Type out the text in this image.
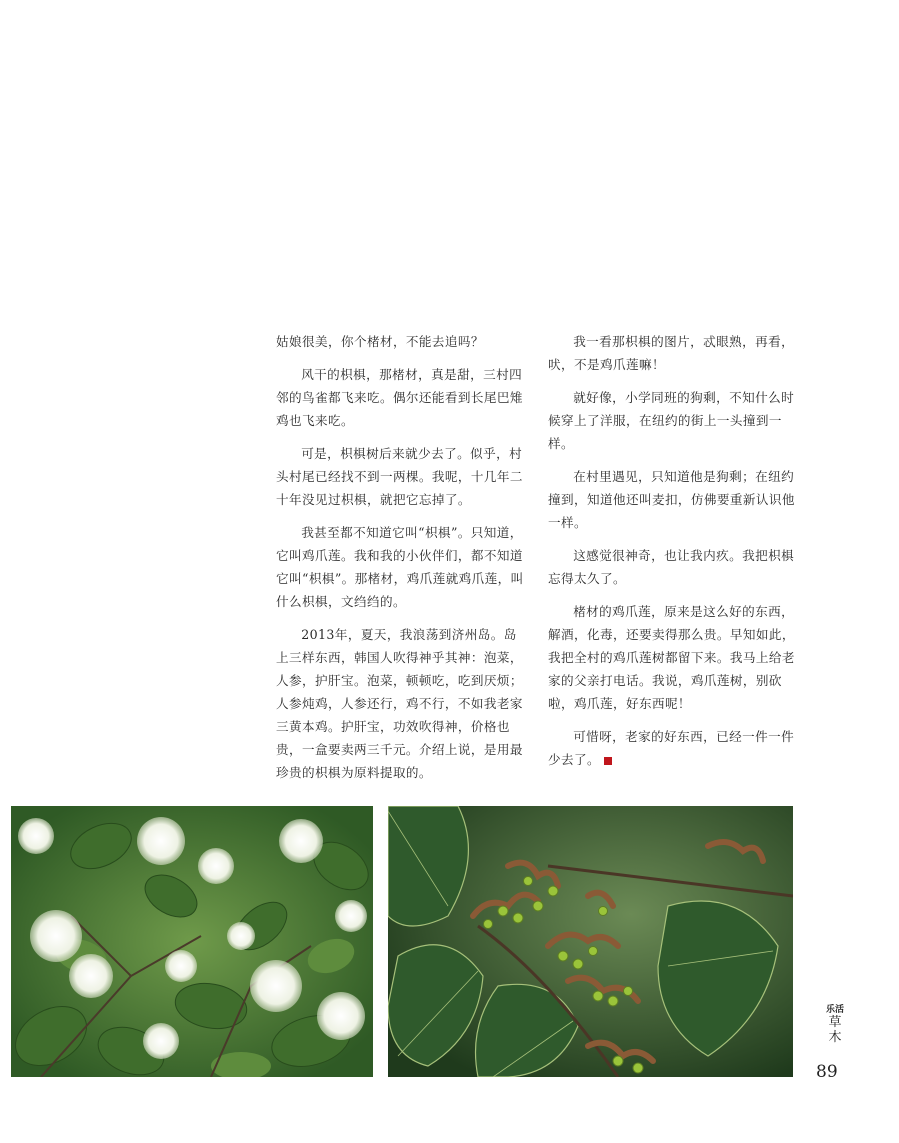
姑娘很美，你个楮材，不能去追吗？

风干的枳椇，那楮材，真是甜，三村四邻的鸟雀都飞来吃。偶尔还能看到长尾巴雉鸡也飞来吃。

可是，枳椇树后来就少去了。似乎，村头村尾已经找不到一两棵。我呢，十几年二十年没见过枳椇，就把它忘掉了。

我甚至都不知道它叫“枳椇”。只知道，它叫鸡爪莲。我和我的小伙伴们，都不知道它叫“枳椇”。那楮材，鸡爪莲就鸡爪莲，叫什么枳椇，文绉绉的。

2013年，夏天，我浪荡到济州岛。岛上三样东西，韩国人吹得神乎其神：泡菜，人参，护肝宝。泡菜，顿顿吃，吃到厌烦；人参炖鸡，人参还行，鸡不行，不如我老家三黄本鸡。护肝宝，功效吹得神，价格也贵，一盒要卖两三千元。介绍上说，是用最珍贵的枳椇为原料提取的。

我一看那枳椇的图片，忒眼熟，再看，吠，不是鸡爪莲嘛！

就好像，小学同班的狗剩，不知什么时候穿上了洋服，在纽约的街上一头撞到一样。

在村里遇见，只知道他是狗剩；在纽约撞到，知道他还叫麦扣，仿佛要重新认识他一样。

这感觉很神奇，也让我内疚。我把枳椇忘得太久了。

楮材的鸡爪莲，原来是这么好的东西，解酒，化毒，还要卖得那么贵。早知如此，我把全村的鸡爪莲树都留下来。我马上给老家的父亲打电话。我说，鸡爪莲树，别砍啦，鸡爪莲，好东西呢！

可惜呀，老家的好东西，已经一件一件少去了。

乐活
草木
89
